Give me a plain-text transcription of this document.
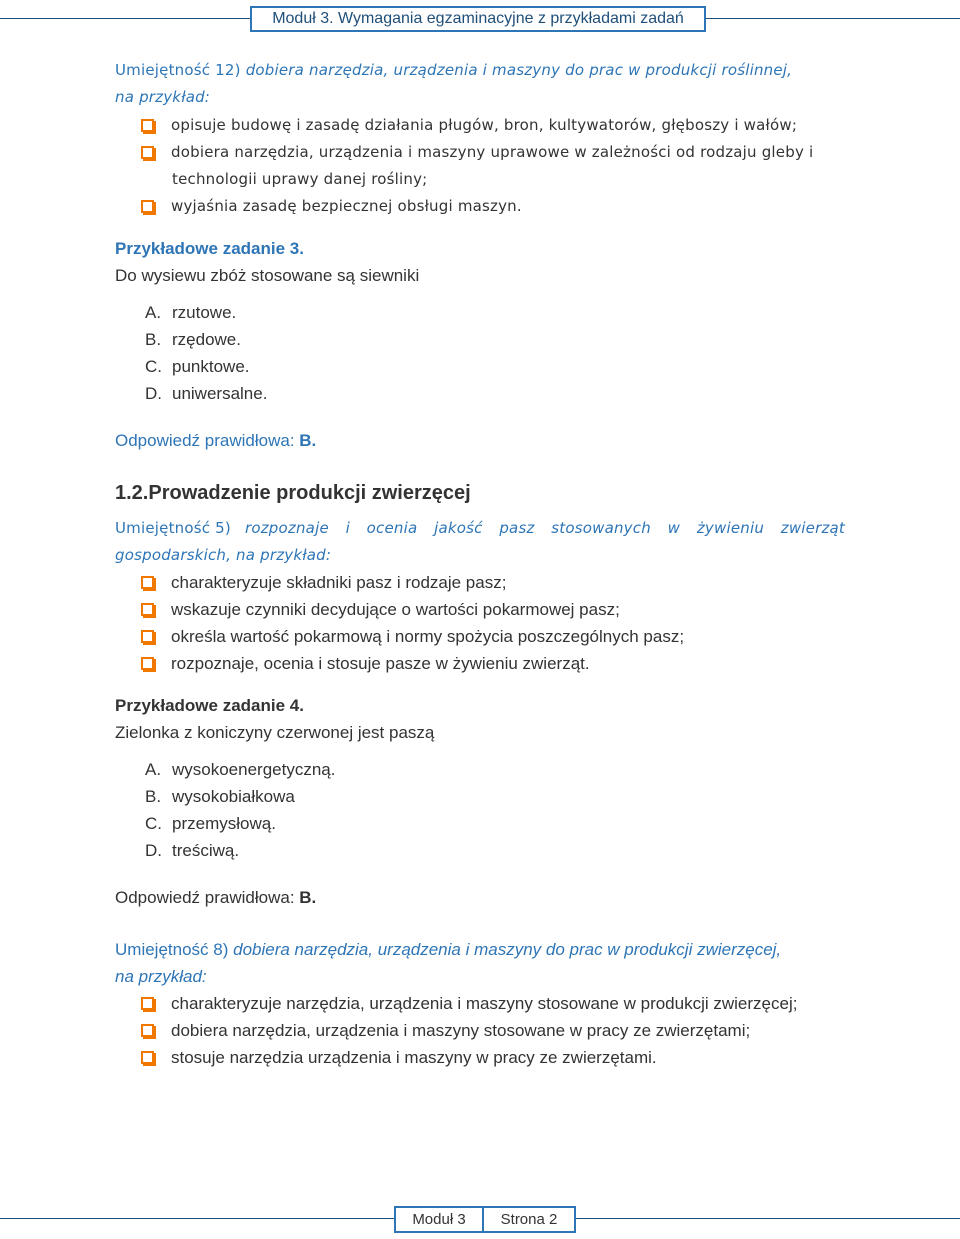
Moduł 3. Wymagania egzaminacyjne z przykładami zadań
Umiejętność 12) dobiera narzędzia, urządzenia i maszyny do prac w produkcji roślinnej,
na przykład:
opisuje budowę i zasadę działania pługów, bron, kultywatorów, głęboszy i wałów;
dobiera narzędzia, urządzenia i maszyny uprawowe w zależności od rodzaju gleby i
technologii uprawy danej rośliny;
wyjaśnia zasadę bezpiecznej obsługi maszyn.
Przykładowe zadanie 3.
Do wysiewu zbóż stosowane są siewniki
A. rzutowe.
B. rzędowe.
C. punktowe.
D. uniwersalne.
Odpowiedź prawidłowa: B.
1.2.Prowadzenie produkcji zwierzęcej
Umiejętność 5) rozpoznaje i ocenia jakość pasz stosowanych w żywieniu zwierząt
gospodarskich, na przykład:
charakteryzuje składniki pasz i rodzaje pasz;
wskazuje czynniki decydujące o wartości pokarmowej pasz;
określa wartość pokarmową i normy spożycia poszczególnych pasz;
rozpoznaje, ocenia i stosuje pasze w żywieniu zwierząt.
Przykładowe zadanie 4.
Zielonka z koniczyny czerwonej jest paszą
A. wysokoenergetyczną.
B. wysokobiałkowa
C. przemysłową.
D. treściwą.
Odpowiedź prawidłowa: B.
Umiejętność 8) dobiera narzędzia, urządzenia i maszyny do prac w produkcji zwierzęcej,
na przykład:
charakteryzuje narzędzia, urządzenia i maszyny stosowane w produkcji zwierzęcej;
dobiera narzędzia, urządzenia i maszyny stosowane w pracy ze zwierzętami;
stosuje narzędzia urządzenia i maszyny w pracy ze zwierzętami.
Moduł 3 Strona 2
